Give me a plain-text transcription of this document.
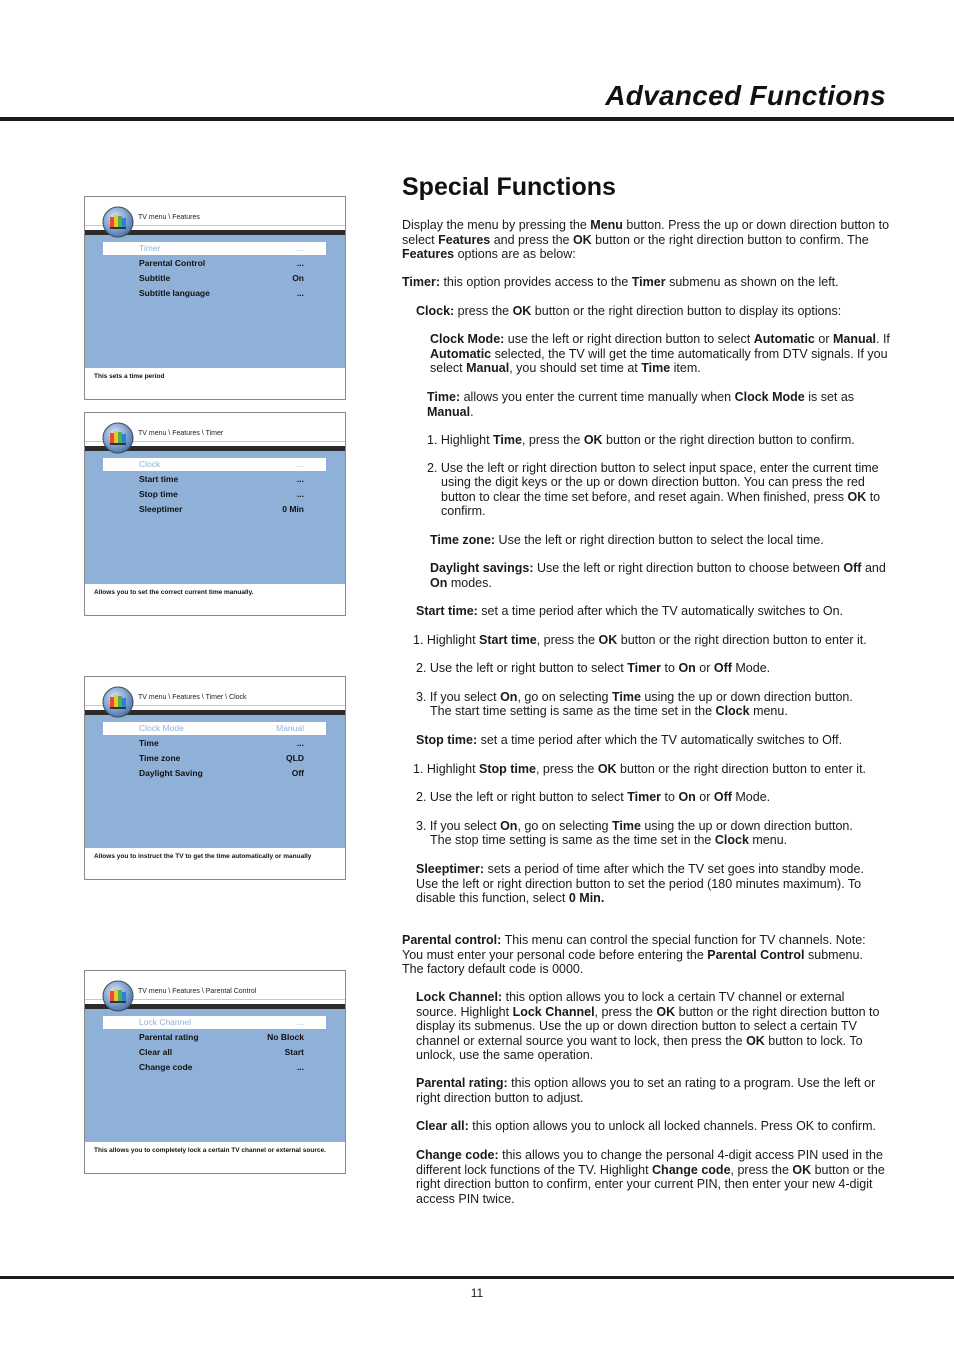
Advanced Functions
Special Functions
TV menu \ Features
Timer	...
Parental Control	...
Subtitle	On
Subtitle language	...
This sets a time period
TV menu \ Features \ Timer
Clock	...
Start time	...
Stop time	...
Sleeptimer	0 Min
Allows you to set the correct current time manually.
TV menu \ Features \ Timer \ Clock
Clock Mode	Manual
Time	...
Time zone	QLD
Daylight Saving	Off
Allows you to instruct the TV to get the time automatically or manually
TV menu \ Features \ Parental Control
Lock Channel	...
Parental rating	No Block
Clear all	Start
Change code	...
This allows you to completely lock a certain TV channel or external source.
Display the menu by pressing the Menu button. Press the up or down direction button to select Features and press the OK button or the right direction button to confirm. The Features options are as below:
Timer: this option provides access to the Timer submenu as shown on the left.
Clock: press the OK button or the right direction button to display its options:
Clock Mode: use the left or right direction button to select Automatic or Manual. If Automatic selected, the TV will get the time automatically from DTV signals. If you select Manual, you should set time at Time item.
Time: allows you enter the current time manually when Clock Mode is set as Manual.
1. Highlight Time, press the OK button or the right direction button to confirm.
2. Use the left or right direction button to select input space, enter the current time
using the digit keys or the up or down direction button. You can press the red button to clear the time set before, and reset again. When finished, press OK to confirm.
Time zone: Use the left or right direction button to select the local time.
Daylight savings: Use the left or right direction button to choose between Off and On modes.
Start time: set a time period after which the TV automatically switches to On.
1. Highlight Start time, press the OK button or the right direction button to enter it.
2. Use the left or right button to select Timer to On or Off Mode.
3. If you select On, go on selecting Time using the up or down direction button.
The start time setting is same as the time set in the Clock menu.
Stop time: set a time period after which the TV automatically switches to Off.
1. Highlight Stop time, press the OK button or the right direction button to enter it.
2. Use the left or right button to select Timer to On or Off Mode.
3. If you select On, go on selecting Time using the up or down direction button.
The stop time setting is same as the time set in the Clock menu.
Sleeptimer: sets a period of time after which the TV set goes into standby mode. Use the left or right direction button to set the period (180 minutes maximum). To disable this function, select 0 Min.
Parental control: This menu can control the special function for TV channels. Note: You must enter your personal code before entering the Parental Control submenu. The factory default code is 0000.
Lock Channel: this option allows you to lock a certain TV channel or external source. Highlight Lock Channel, press the OK button or the right direction button to display its submenus. Use the up or down direction button to select a certain TV channel or external source you want to lock, then press the OK button to lock. To unlock, use the same operation.
Parental rating: this option allows you to set an rating to a program. Use the left or right direction button to adjust.
Clear all: this option allows you to unlock all locked channels. Press OK to confirm.
Change code: this allows you to change the personal 4-digit access PIN used in the different lock functions of the TV. Highlight Change code, press the OK button or the right direction button to confirm, enter your current PIN, then enter your new 4-digit access PIN twice.
11
